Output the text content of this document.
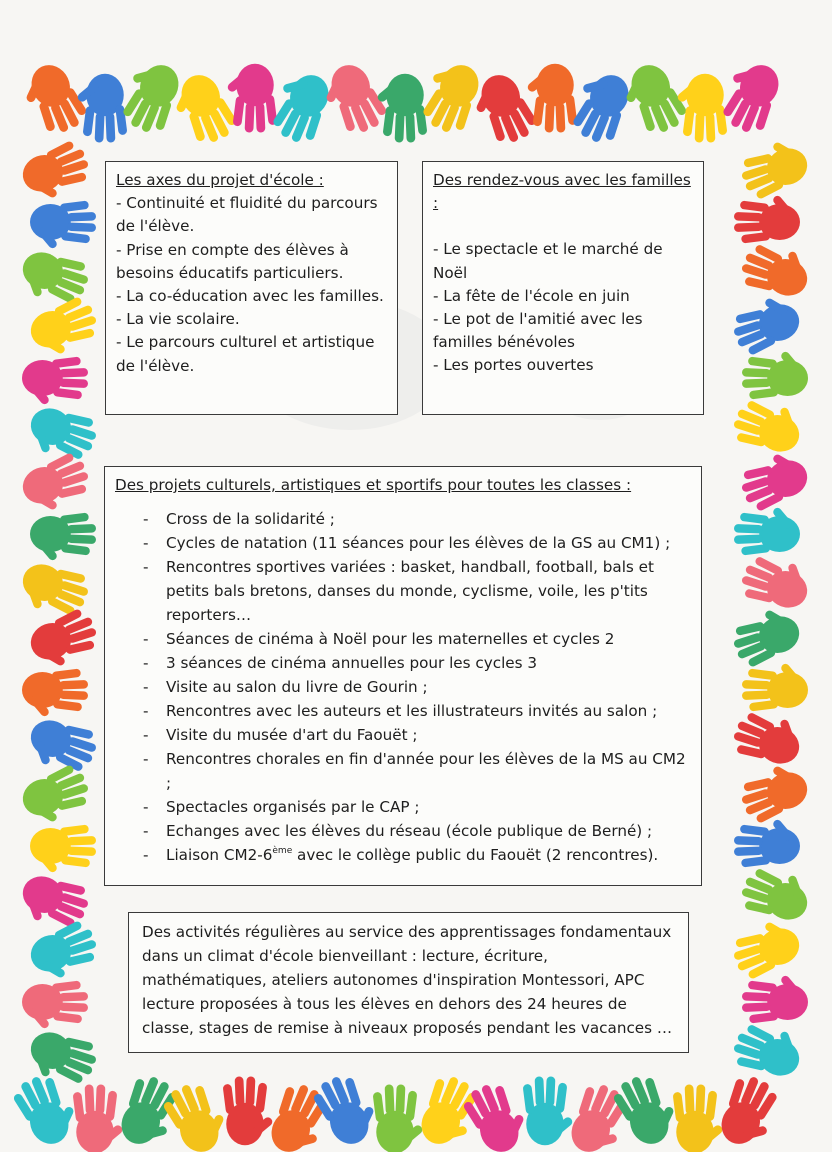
Les axes du projet d'école :

- Continuité et fluidité du parcours de l'élève.

- Prise en compte des élèves à besoins éducatifs particuliers.

- La co-éducation avec les familles.

- La vie scolaire.

- Le parcours culturel et artistique de l'élève.

Des rendez-vous avec les familles :

- Le spectacle et le marché de Noël

- La fête de l'école en juin

- Le pot de l'amitié avec les familles bénévoles

- Les portes ouvertes

Des projets culturels, artistiques et sportifs pour toutes les classes :

- Cross de la solidarité ;
- Cycles de natation (11 séances pour les élèves de la GS au CM1) ;
- Rencontres sportives variées : basket, handball, football, bals et petits bals bretons, danses du monde, cyclisme, voile, les p'tits reporters…
- Séances de cinéma à Noël pour les maternelles et cycles 2
- 3 séances de cinéma annuelles pour les cycles 3
- Visite au salon du livre de Gourin ;
- Rencontres avec les auteurs et les illustrateurs invités au salon ;
- Visite du musée d'art du Faouët ;
- Rencontres chorales en fin d'année pour les élèves de la MS au CM2 ;
- Spectacles organisés par le CAP ;
- Echanges avec les élèves du réseau (école publique de Berné) ;
- Liaison CM2-6ème avec le collège public du Faouët (2 rencontres).

Des activités régulières au service des apprentissages fondamentaux dans un climat d'école bienveillant : lecture, écriture, mathématiques, ateliers autonomes d'inspiration Montessori, APC lecture proposées à tous les élèves en dehors des 24 heures de classe, stages de remise à niveaux proposés pendant les vacances …
